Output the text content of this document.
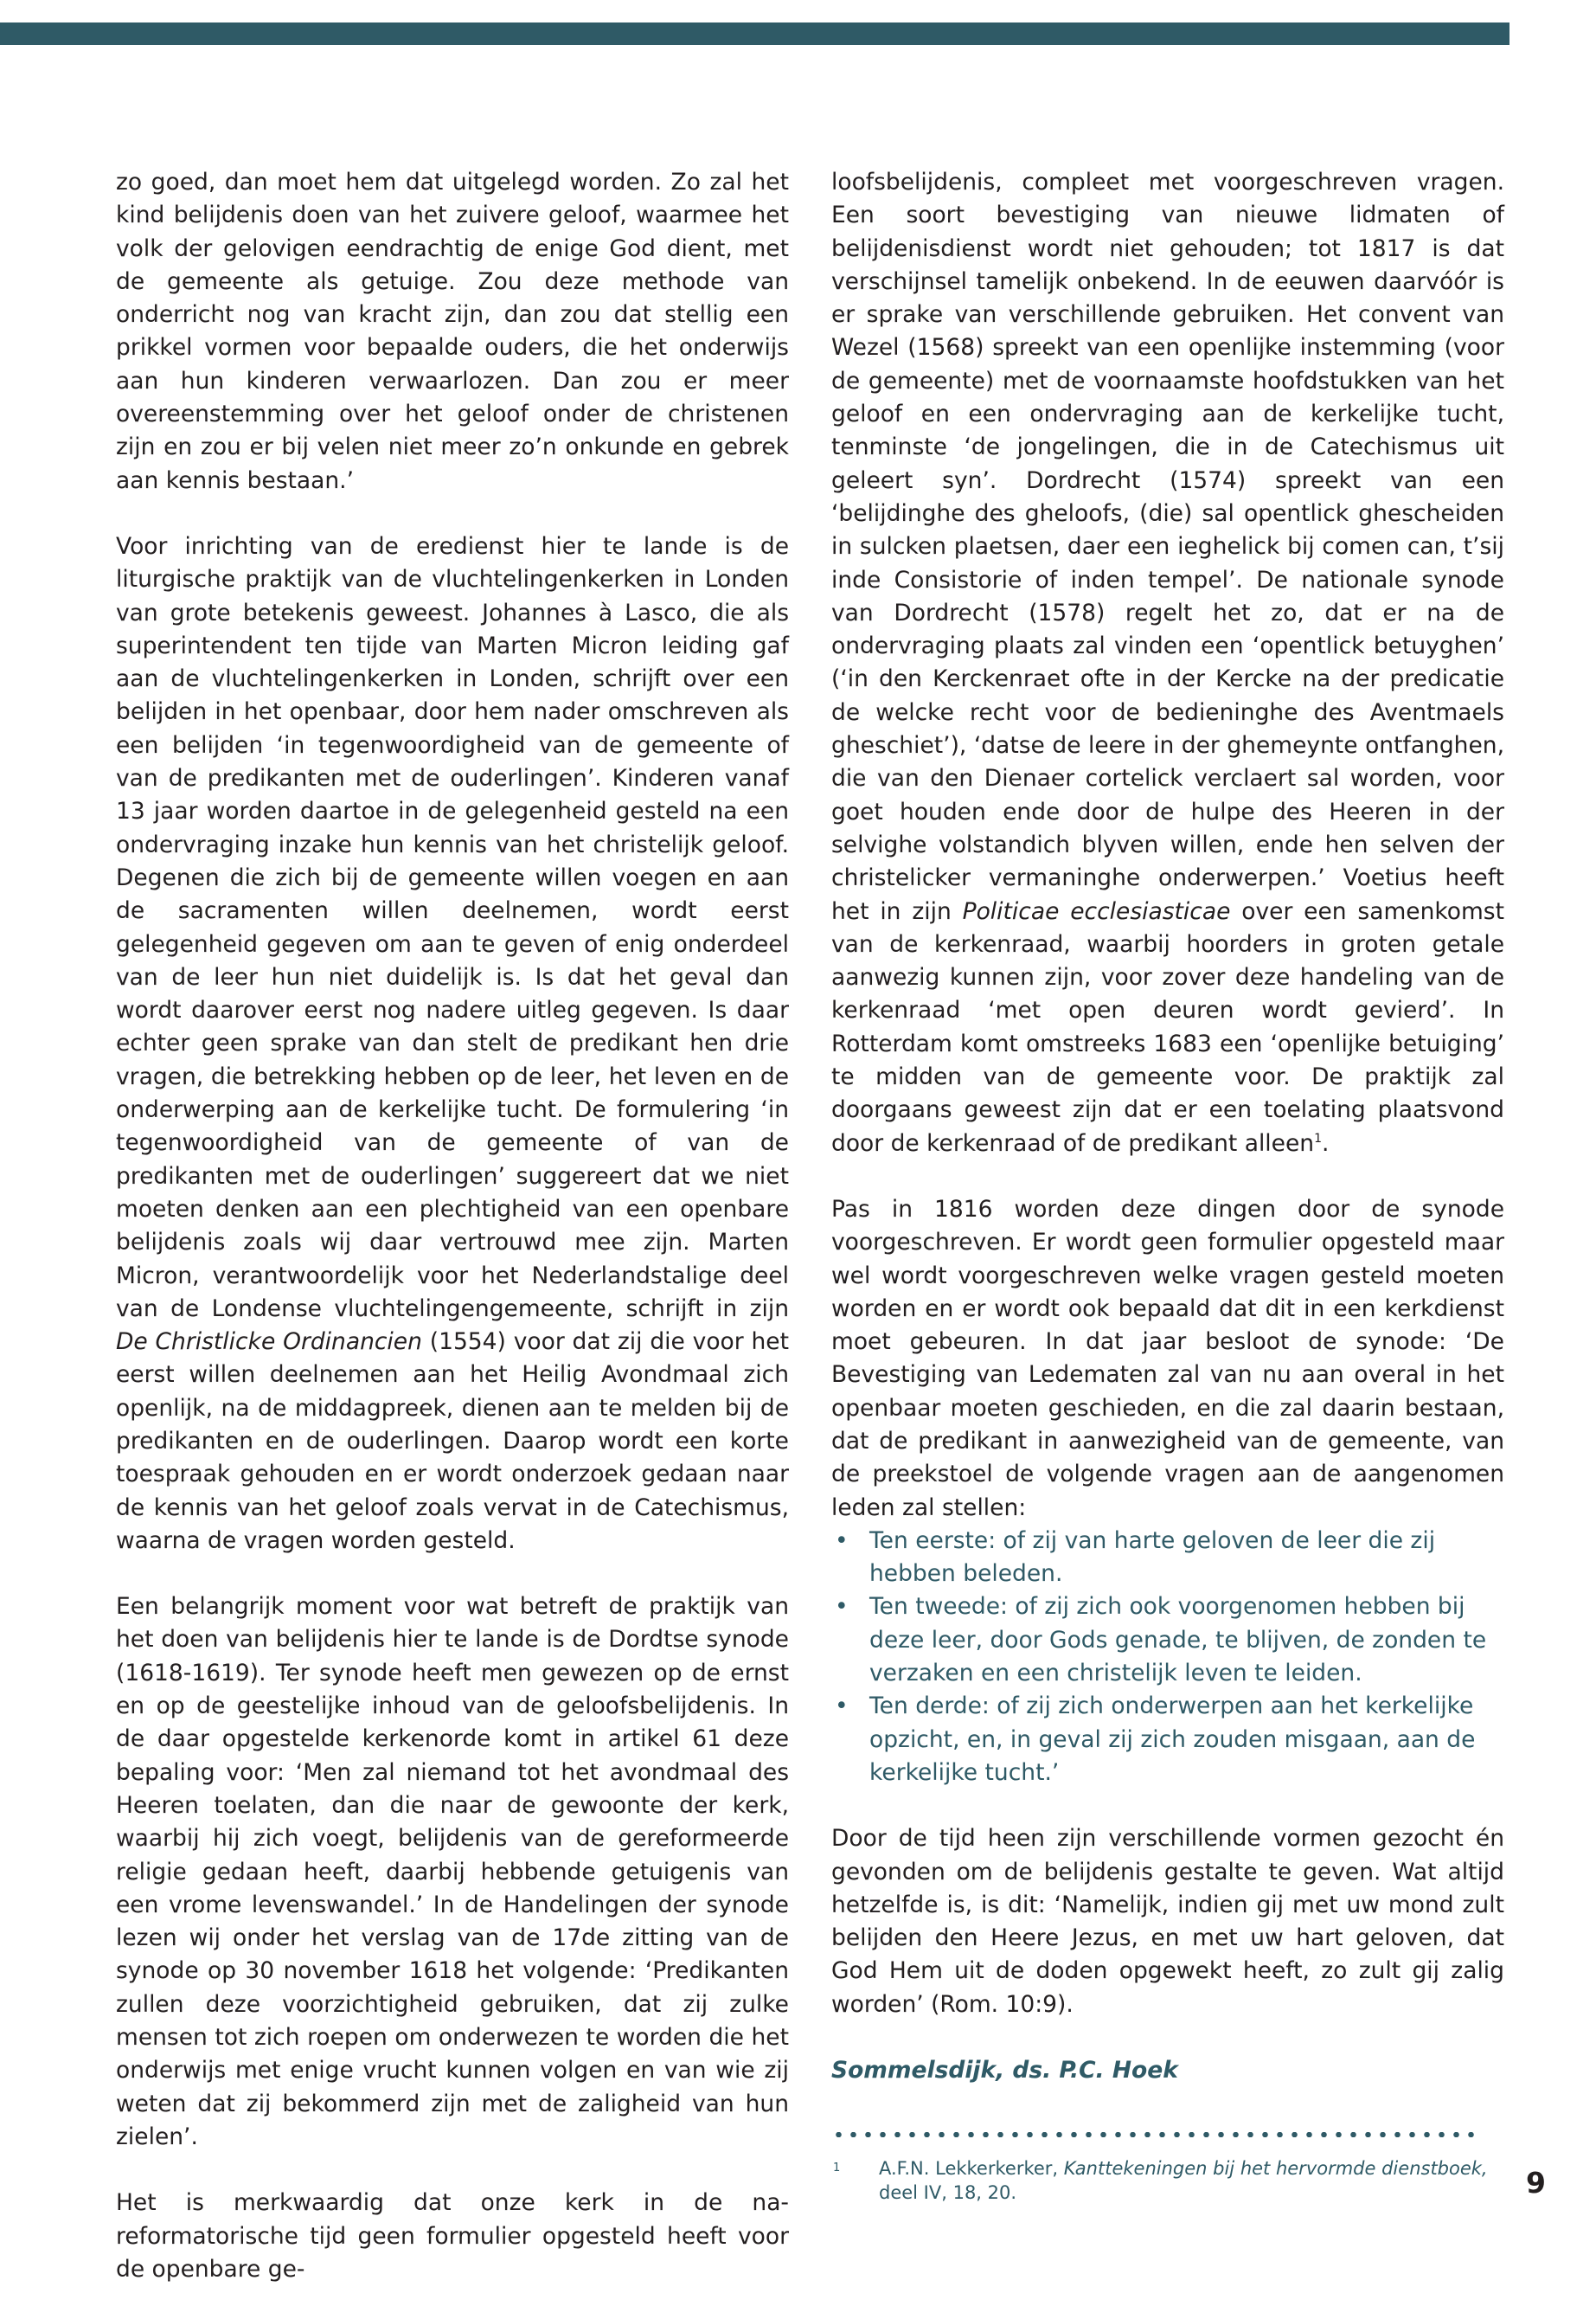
zo goed, dan moet hem dat uitgelegd worden. Zo zal het kind belijdenis doen van het zuivere geloof, waarmee het volk der gelovigen eendrachtig de enige God dient, met de gemeente als getuige. Zou deze methode van onderricht nog van kracht zijn, dan zou dat stellig een prikkel vormen voor bepaalde ouders, die het onderwijs aan hun kinderen verwaarlozen. Dan zou er meer overeenstemming over het geloof onder de christenen zijn en zou er bij velen niet meer zo’n onkunde en gebrek aan kennis bestaan.’

Voor inrichting van de eredienst hier te lande is de liturgische praktijk van de vluchtelingenkerken in Londen van grote betekenis geweest. Johannes à Lasco, die als superintendent ten tijde van Marten Micron leiding gaf aan de vluchtelingenkerken in Londen, schrijft over een belijden in het openbaar, door hem nader omschreven als een belijden ‘in tegenwoordigheid van de gemeente of van de predikanten met de ouderlingen’. Kinderen vanaf 13 jaar worden daartoe in de gelegenheid gesteld na een ondervraging inzake hun kennis van het christelijk geloof. Degenen die zich bij de gemeente willen voegen en aan de sacramenten willen deelnemen, wordt eerst gelegenheid gegeven om aan te geven of enig onderdeel van de leer hun niet duidelijk is. Is dat het geval dan wordt daarover eerst nog nadere uitleg gegeven. Is daar echter geen sprake van dan stelt de predikant hen drie vragen, die betrekking hebben op de leer, het leven en de onderwerping aan de kerkelijke tucht. De formulering ‘in tegenwoordigheid van de gemeente of van de predikanten met de ouderlingen’ suggereert dat we niet moeten denken aan een plechtigheid van een openbare belijdenis zoals wij daar vertrouwd mee zijn. Marten Micron, verantwoordelijk voor het Nederlandstalige deel van de Londense vluchtelingengemeente, schrijft in zijn De Christlicke Ordinancien (1554) voor dat zij die voor het eerst willen deelnemen aan het Heilig Avondmaal zich openlijk, na de middagpreek, dienen aan te melden bij de predikanten en de ouderlingen. Daarop wordt een korte toespraak gehouden en er wordt onderzoek gedaan naar de kennis van het geloof zoals vervat in de Catechismus, waarna de vragen worden gesteld.

Een belangrijk moment voor wat betreft de praktijk van het doen van belijdenis hier te lande is de Dordtse synode (1618-1619). Ter synode heeft men gewezen op de ernst en op de geestelijke inhoud van de geloofsbelijdenis. In de daar opgestelde kerkenorde komt in artikel 61 deze bepaling voor: ‘Men zal niemand tot het avondmaal des Heeren toelaten, dan die naar de gewoonte der kerk, waarbij hij zich voegt, belijdenis van de gereformeerde religie gedaan heeft, daarbij hebbende getuigenis van een vrome levenswandel.’ In de Handelingen der synode lezen wij onder het verslag van de 17de zitting van de synode op 30 november 1618 het volgende: ‘Predikanten zullen deze voorzichtigheid gebruiken, dat zij zulke mensen tot zich roepen om onderwezen te worden die het onderwijs met enige vrucht kunnen volgen en van wie zij weten dat zij bekommerd zijn met de zaligheid van hun zielen’.

Het is merkwaardig dat onze kerk in de na-reformatorische tijd geen formulier opgesteld heeft voor de openbare ge-

loofsbelijdenis, compleet met voorgeschreven vragen. Een soort bevestiging van nieuwe lidmaten of belijdenisdienst wordt niet gehouden; tot 1817 is dat verschijnsel tamelijk onbekend. In de eeuwen daarvóór is er sprake van verschillende gebruiken. Het convent van Wezel (1568) spreekt van een openlijke instemming (voor de gemeente) met de voornaamste hoofdstukken van het geloof en een ondervraging aan de kerkelijke tucht, tenminste ‘de jongelingen, die in de Catechismus uit geleert syn’. Dordrecht (1574) spreekt van een ‘belijdinghe des gheloofs, (die) sal opentlick ghescheiden in sulcken plaetsen, daer een ieghelick bij comen can, t’sij inde Consistorie of inden tempel’. De nationale synode van Dordrecht (1578) regelt het zo, dat er na de ondervraging plaats zal vinden een ‘opentlick betuyghen’ (‘in den Kerckenraet ofte in der Kercke na der predicatie de welcke recht voor de bedieninghe des Aventmaels gheschiet’), ‘datse de leere in der ghemeynte ontfanghen, die van den Dienaer cortelick verclaert sal worden, voor goet houden ende door de hulpe des Heeren in der selvighe volstandich blyven willen, ende hen selven der christelicker vermaninghe onderwerpen.’ Voetius heeft het in zijn Politicae ecclesiasticae over een samenkomst van de kerkenraad, waarbij hoorders in groten getale aanwezig kunnen zijn, voor zover deze handeling van de kerkenraad ‘met open deuren wordt gevierd’. In Rotterdam komt omstreeks 1683 een ‘openlijke betuiging’ te midden van de gemeente voor. De praktijk zal doorgaans geweest zijn dat er een toelating plaatsvond door de kerkenraad of de predikant alleen$^1$.

Pas in 1816 worden deze dingen door de synode voorgeschreven. Er wordt geen formulier opgesteld maar wel wordt voorgeschreven welke vragen gesteld moeten worden en er wordt ook bepaald dat dit in een kerkdienst moet gebeuren. In dat jaar besloot de synode: ‘De Bevestiging van Ledematen zal van nu aan overal in het openbaar moeten geschieden, en die zal daarin bestaan, dat de predikant in aanwezigheid van de gemeente, van de preekstoel de volgende vragen aan de aangenomen leden zal stellen:

• Ten eerste: of zij van harte geloven de leer die zij hebben beleden.
• Ten tweede: of zij zich ook voorgenomen hebben bij deze leer, door Gods genade, te blijven, de zonden te verzaken en een christelijk leven te leiden.
• Ten derde: of zij zich onderwerpen aan het kerkelijke opzicht, en, in geval zij zich zouden misgaan, aan de kerkelijke tucht.’

Door de tijd heen zijn verschillende vormen gezocht én gevonden om de belijdenis gestalte te geven. Wat altijd hetzelfde is, is dit: ‘Namelijk, indien gij met uw mond zult belijden den Heere Jezus, en met uw hart geloven, dat God Hem uit de doden opgewekt heeft, zo zult gij zalig worden’ (Rom. 10:9).

Sommelsdijk, ds. P.C. Hoek

1 A.F.N. Lekkerkerker, Kanttekeningen bij het hervormde dienstboek, deel IV, 18, 20.	9
